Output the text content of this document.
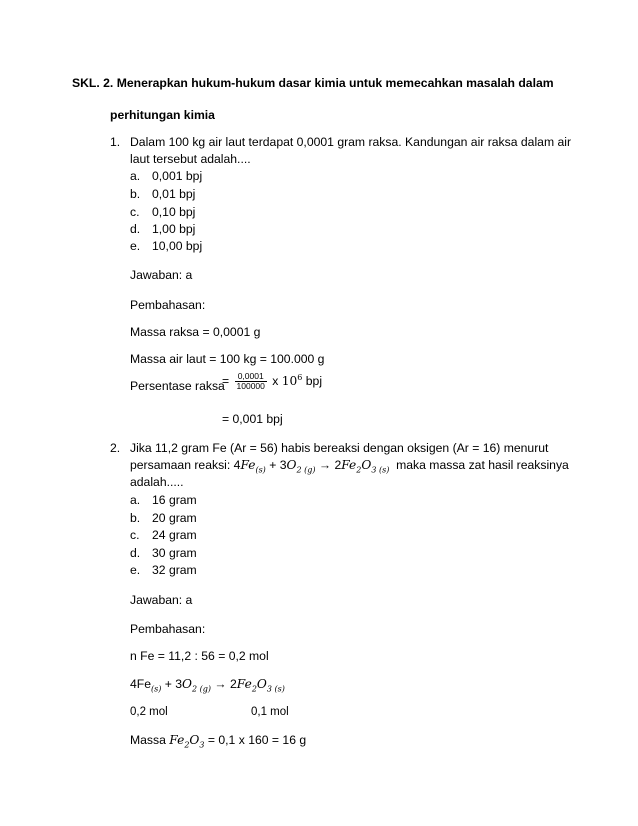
SKL. 2. Menerapkan hukum-hukum dasar kimia untuk memecahkan masalah dalam
perhitungan kimia
1. Dalam 100 kg air laut terdapat 0,0001 gram raksa. Kandungan air raksa dalam air
laut tersebut adalah....
a. 0,001 bpj
b. 0,01 bpj
c. 0,10 bpj
d. 1,00 bpj
e. 10,00 bpj
Jawaban: a
Pembahasan:
Massa raksa = 0,0001 g
Massa air laut = 100 kg = 100.000 g
Persentase raksa
= $\frac{0,0001}{100000}$ x $10^6$ bpj
= 0,001 bpj
2. Jika 11,2 gram Fe (Ar = 56) habis bereaksi dengan oksigen (Ar = 16) menurut
persamaan reaksi: $4Fe_{(s)} + 3O_{2 (g)} \to 2Fe_2O_{3 (s)}$ maka massa zat hasil reaksinya
adalah.....
a. 16 gram
b. 20 gram
c. 24 gram
d. 30 gram
e. 32 gram
Jawaban: a
Pembahasan:
n Fe = 11,2 : 56 = 0,2 mol
$4Fe_{(s)} + 3O_{2 (g)} \to 2Fe_2O_{3 (s)}$
0,2 mol	0,1 mol
Massa $Fe_2O_3 = 0,1$ x 160 = 16 g
